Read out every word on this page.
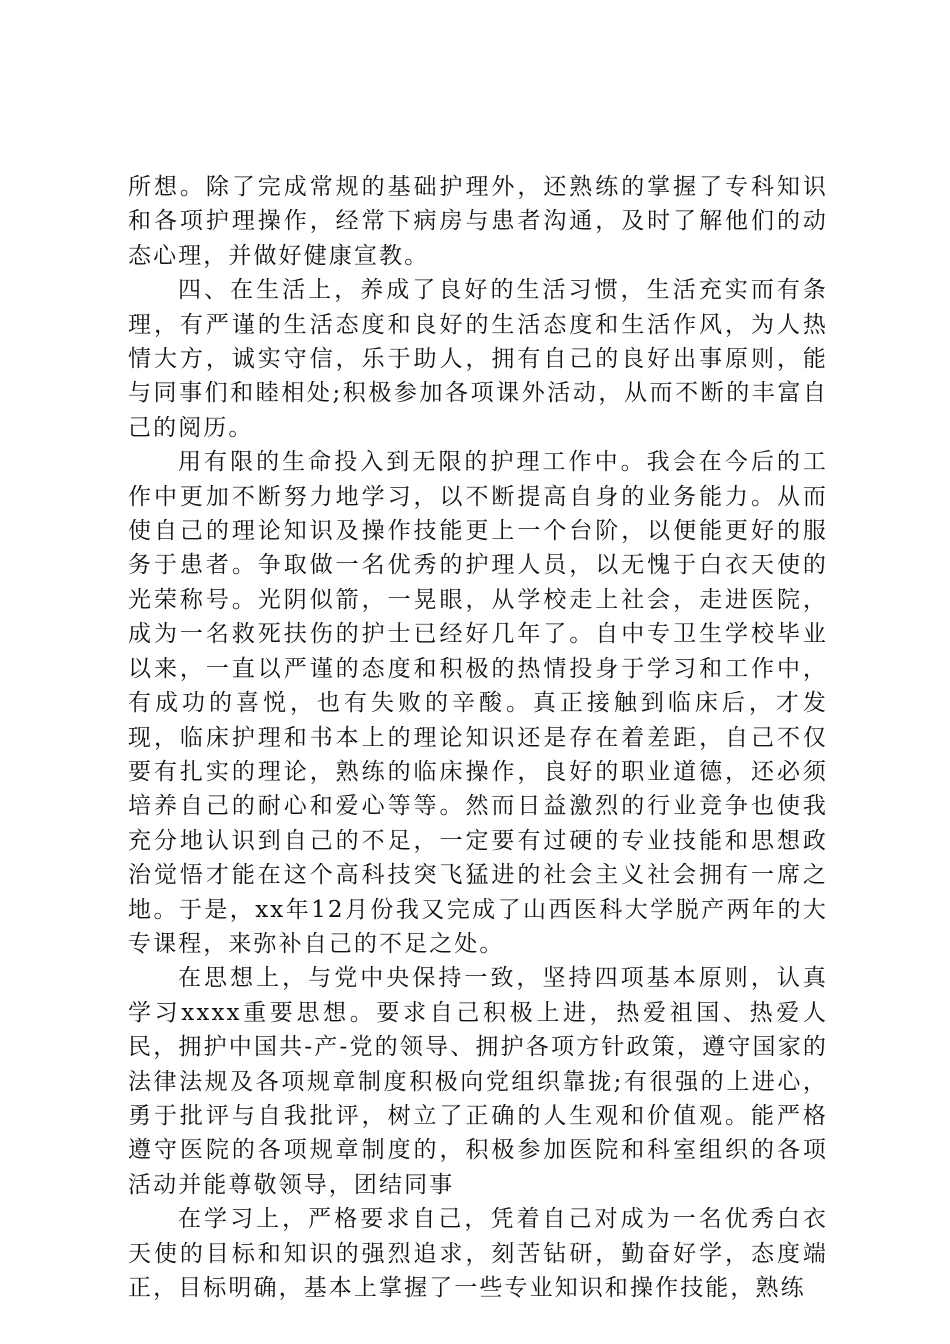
所想。除了完成常规的基础护理外，还熟练的掌握了专科知识和各项护理操作，经常下病房与患者沟通，及时了解他们的动态心理，并做好健康宣教。

四、在生活上，养成了良好的生活习惯，生活充实而有条理，有严谨的生活态度和良好的生活态度和生活作风，为人热情大方，诚实守信，乐于助人，拥有自己的良好出事原则，能与同事们和睦相处;积极参加各项课外活动，从而不断的丰富自己的阅历。

用有限的生命投入到无限的护理工作中。我会在今后的工作中更加不断努力地学习，以不断提高自身的业务能力。从而使自己的理论知识及操作技能更上一个台阶，以便能更好的服务于患者。争取做一名优秀的护理人员，以无愧于白衣天使的光荣称号。光阴似箭，一晃眼，从学校走上社会，走进医院，成为一名救死扶伤的护士已经好几年了。自中专卫生学校毕业以来，一直以严谨的态度和积极的热情投身于学习和工作中，有成功的喜悦，也有失败的辛酸。真正接触到临床后，才发现，临床护理和书本上的理论知识还是存在着差距，自己不仅要有扎实的理论，熟练的临床操作，良好的职业道德，还必须培养自己的耐心和爱心等等。然而日益激烈的行业竞争也使我充分地认识到自己的不足，一定要有过硬的专业技能和思想政治觉悟才能在这个高科技突飞猛进的社会主义社会拥有一席之地。于是，xx年12月份我又完成了山西医科大学脱产两年的大专课程，来弥补自己的不足之处。

在思想上，与党中央保持一致，坚持四项基本原则，认真学习xxxx重要思想。要求自己积极上进，热爱祖国、热爱人民，拥护中国共-产-党的领导、拥护各项方针政策，遵守国家的法律法规及各项规章制度积极向党组织靠拢;有很强的上进心，勇于批评与自我批评，树立了正确的人生观和价值观。能严格遵守医院的各项规章制度的，积极参加医院和科室组织的各项活动并能尊敬领导，团结同事

在学习上，严格要求自己，凭着自己对成为一名优秀白衣天使的目标和知识的强烈追求，刻苦钻研，勤奋好学，态度端正，目标明确，基本上掌握了一些专业知识和操作技能，熟练
